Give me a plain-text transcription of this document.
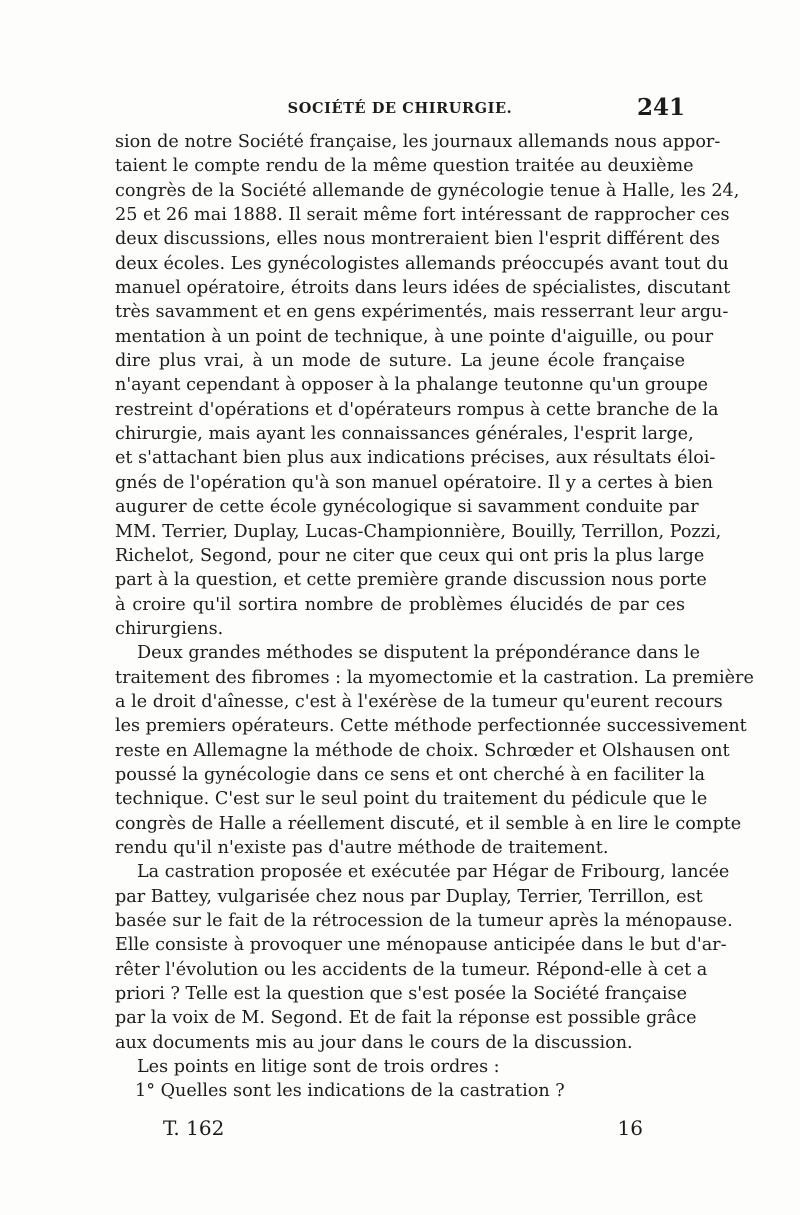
SOCIÉTÉ DE CHIRURGIE.	241
sion de notre Société française, les journaux allemands nous appor-
taient le compte rendu de la même question traitée au deuxième
congrès de la Société allemande de gynécologie tenue à Halle, les 24,
25 et 26 mai 1888. Il serait même fort intéressant de rapprocher ces
deux discussions, elles nous montreraient bien l'esprit différent des
deux écoles. Les gynécologistes allemands préoccupés avant tout du
manuel opératoire, étroits dans leurs idées de spécialistes, discutant
très savamment et en gens expérimentés, mais resserrant leur argu-
mentation à un point de technique, à une pointe d'aiguille, ou pour
dire plus vrai, à un mode de suture. La jeune école française
n'ayant cependant à opposer à la phalange teutonne qu'un groupe
restreint d'opérations et d'opérateurs rompus à cette branche de la
chirurgie, mais ayant les connaissances générales, l'esprit large,
et s'attachant bien plus aux indications précises, aux résultats éloi-
gnés de l'opération qu'à son manuel opératoire. Il y a certes à bien
augurer de cette école gynécologique si savamment conduite par
MM. Terrier, Duplay, Lucas-Championnière, Bouilly, Terrillon, Pozzi,
Richelot, Segond, pour ne citer que ceux qui ont pris la plus large
part à la question, et cette première grande discussion nous porte
à croire qu'il sortira nombre de problèmes élucidés de par ces
chirurgiens.
Deux grandes méthodes se disputent la prépondérance dans le
traitement des fibromes : la myomectomie et la castration. La première
a le droit d'aînesse, c'est à l'exérèse de la tumeur qu'eurent recours
les premiers opérateurs. Cette méthode perfectionnée successivement
reste en Allemagne la méthode de choix. Schrœder et Olshausen ont
poussé la gynécologie dans ce sens et ont cherché à en faciliter la
technique. C'est sur le seul point du traitement du pédicule que le
congrès de Halle a réellement discuté, et il semble à en lire le compte
rendu qu'il n'existe pas d'autre méthode de traitement.
La castration proposée et exécutée par Hégar de Fribourg, lancée
par Battey, vulgarisée chez nous par Duplay, Terrier, Terrillon, est
basée sur le fait de la rétrocession de la tumeur après la ménopause.
Elle consiste à provoquer une ménopause anticipée dans le but d'ar-
rêter l'évolution ou les accidents de la tumeur. Répond-elle à cet a
priori ? Telle est la question que s'est posée la Société française
par la voix de M. Segond. Et de fait la réponse est possible grâce
aux documents mis au jour dans le cours de la discussion.
Les points en litige sont de trois ordres :
1° Quelles sont les indications de la castration ?
T. 162	16
